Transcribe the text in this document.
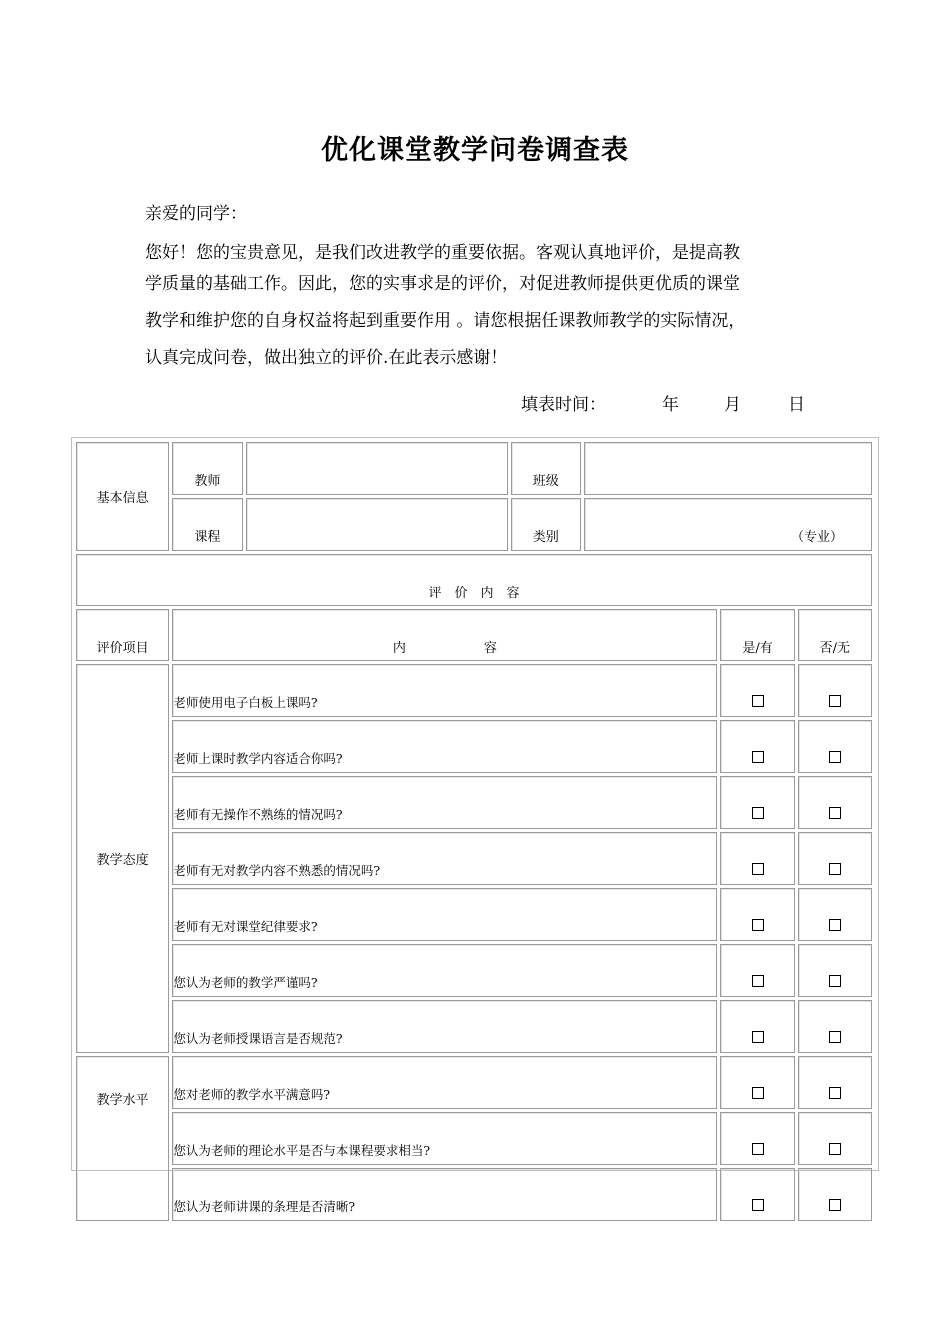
优化课堂教学问卷调查表
亲爱的同学：
您好！您的宝贵意见，是我们改进教学的重要依据。客观认真地评价，是提高教
学质量的基础工作。因此，您的实事求是的评价，对促进教师提供更优质的课堂
教学和维护您的自身权益将起到重要作用 。请您根据任课教师教学的实际情况，
认真完成问卷，做出独立的评价.在此表示感谢！
填表时间：	年	月	日
基本信息	教师		班级			
	课程		类别	（专业）		
评　价　内　容						
评价项目	内　　　　　　容				是/有	否/无
教学态度	老师使用电子白板上课吗?					
	老师上课时教学内容适合你吗?					
	老师有无操作不熟练的情况吗?					
	老师有无对教学内容不熟悉的情况吗?					
	老师有无对课堂纪律要求?					
	您认为老师的教学严谨吗?					
	您认为老师授课语言是否规范?					
教学水平	您对老师的教学水平满意吗?					
	您认为老师的理论水平是否与本课程要求相当?					
	您认为老师讲课的条理是否清晰?					
